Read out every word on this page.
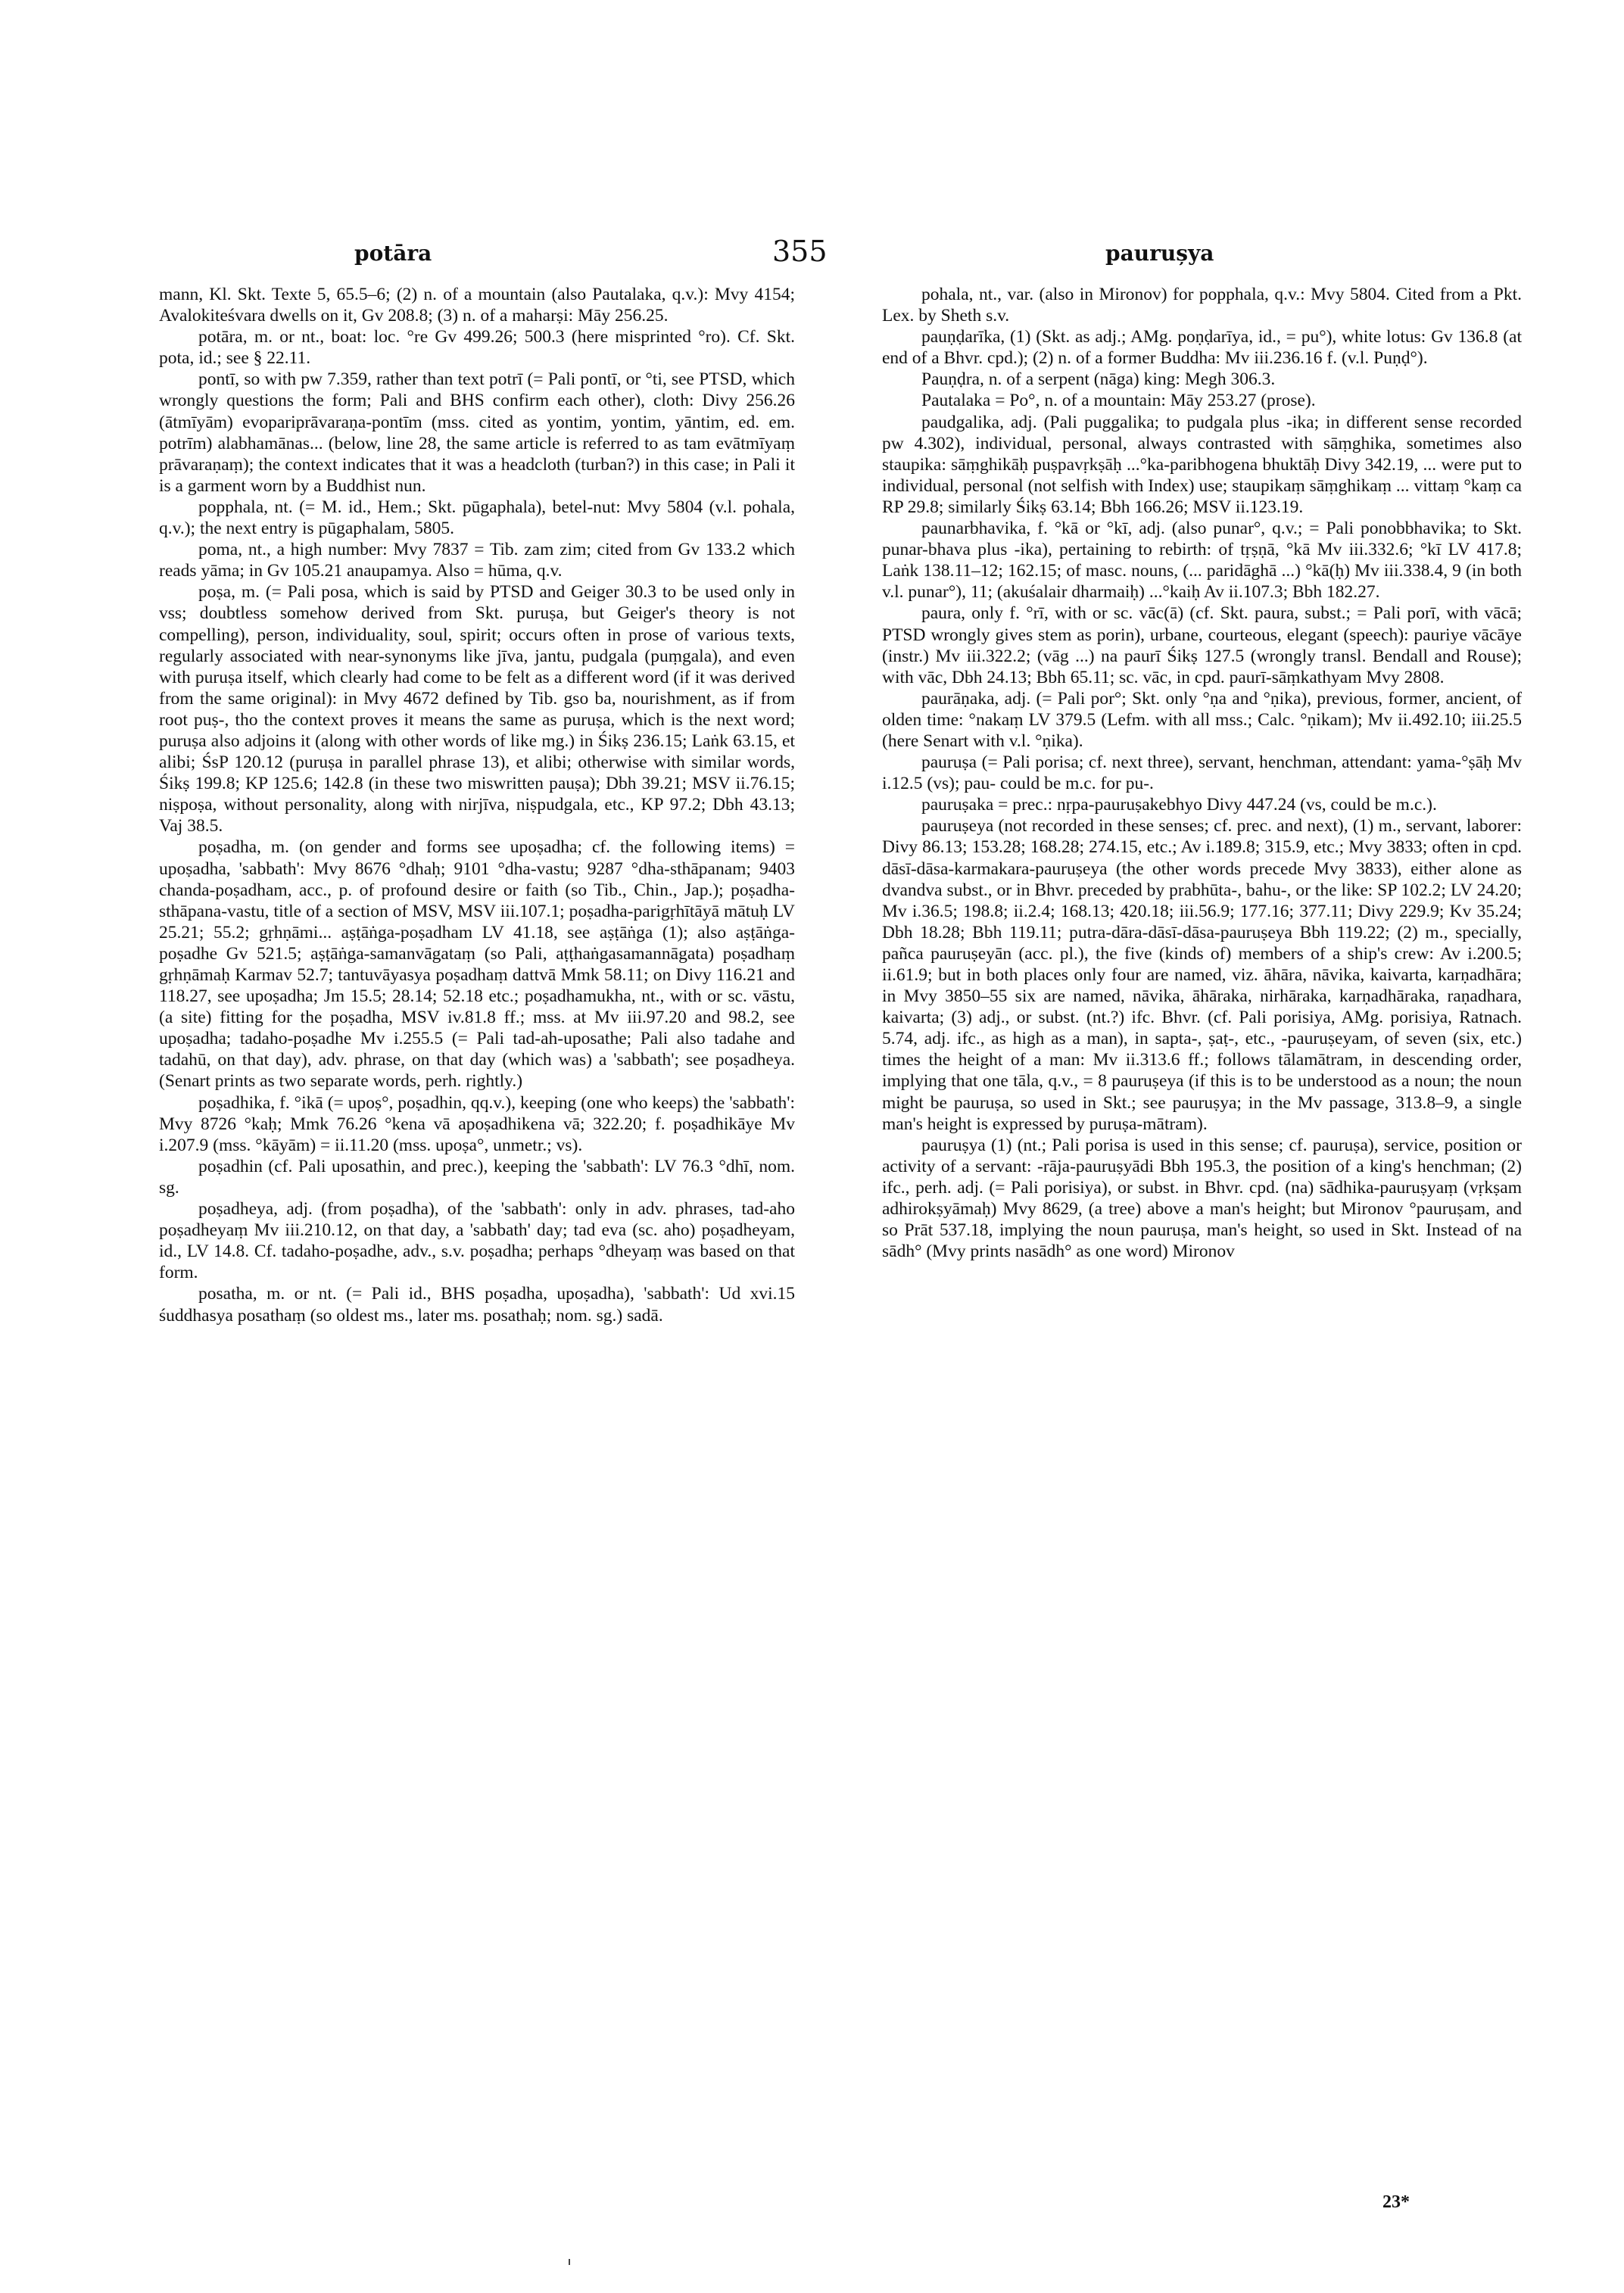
potāra	355	paurușya

mann, Kl. Skt. Texte 5, 65.5–6; (2) n. of a mountain (also Pautalaka, q.v.): Mvy 4154; Avalokiteśvara dwells on it, Gv 208.8; (3) n. of a maharṣi: Māy 256.25.

potāra, m. or nt., boat: loc. °re Gv 499.26; 500.3 (here misprinted °ro). Cf. Skt. pota, id.; see § 22.11.

pontī, so with pw 7.359, rather than text potrī (= Pali pontī, or °ti, see PTSD, which wrongly questions the form; Pali and BHS confirm each other), cloth: Divy 256.26 (ātmīyām) evopariprāvaraṇa-pontīm (mss. cited as yontim, yontim, yāntim, ed. em. potrīm) alabhamānas... (below, line 28, the same article is referred to as tam evātmīyaṃ prāvaraṇaṃ); the context indicates that it was a headcloth (turban?) in this case; in Pali it is a garment worn by a Buddhist nun.

popphala, nt. (= M. id., Hem.; Skt. pūgaphala), betel-nut: Mvy 5804 (v.l. pohala, q.v.); the next entry is pūgaphalam, 5805.

poma, nt., a high number: Mvy 7837 = Tib. zam zim; cited from Gv 133.2 which reads yāma; in Gv 105.21 anaupamya. Also = hūma, q.v.

poṣa, m. (= Pali posa, which is said by PTSD and Geiger 30.3 to be used only in vss; doubtless somehow derived from Skt. puruṣa, but Geiger's theory is not compelling), person, individuality, soul, spirit; occurs often in prose of various texts, regularly associated with near-synonyms like jīva, jantu, pudgala (puṃgala), and even with puruṣa itself, which clearly had come to be felt as a different word (if it was derived from the same original): in Mvy 4672 defined by Tib. gso ba, nourishment, as if from root puṣ-, tho the context proves it means the same as puruṣa, which is the next word; puruṣa also adjoins it (along with other words of like mg.) in Śikṣ 236.15; Laṅk 63.15, et alibi; ŚsP 120.12 (puruṣa in parallel phrase 13), et alibi; otherwise with similar words, Śikṣ 199.8; KP 125.6; 142.8 (in these two miswritten pauṣa); Dbh 39.21; MSV ii.76.15; niṣpoṣa, without personality, along with nirjīva, niṣpudgala, etc., KP 97.2; Dbh 43.13; Vaj 38.5.

poṣadha, m. (on gender and forms see upoṣadha; cf. the following items) = upoṣadha, 'sabbath': Mvy 8676 °dhaḥ; 9101 °dha-vastu; 9287 °dha-sthāpanam; 9403 chanda-poṣadham, acc., p. of profound desire or faith (so Tib., Chin., Jap.); poṣadha-sthāpana-vastu, title of a section of MSV, MSV iii.107.1; poṣadha-parigṛhītāyā mātuḥ LV 25.21; 55.2; gṛhṇāmi... aṣṭāṅga-poṣadham LV 41.18, see aṣṭāṅga (1); also aṣṭāṅga-poṣadhe Gv 521.5; aṣṭāṅga-samanvāgataṃ (so Pali, aṭṭhaṅgasamannāgata) poṣadhaṃ gṛhṇāmaḥ Karmav 52.7; tantuvāyasya poṣadhaṃ dattvā Mmk 58.11; on Divy 116.21 and 118.27, see upoṣadha; Jm 15.5; 28.14; 52.18 etc.; poṣadhamukha, nt., with or sc. vāstu, (a site) fitting for the poṣadha, MSV iv.81.8 ff.; mss. at Mv iii.97.20 and 98.2, see upoṣadha; tadaho-poṣadhe Mv i.255.5 (= Pali tad-ah-uposathe; Pali also tadahe and tadahū, on that day), adv. phrase, on that day (which was) a 'sabbath'; see poṣadheya. (Senart prints as two separate words, perh. rightly.)

poṣadhika, f. °ikā (= upoṣ°, poṣadhin, qq.v.), keeping (one who keeps) the 'sabbath': Mvy 8726 °kaḥ; Mmk 76.26 °kena vā apoṣadhikena vā; 322.20; f. poṣadhikāye Mv i.207.9 (mss. °kāyām) = ii.11.20 (mss. upoṣa°, unmetr.; vs).

poṣadhin (cf. Pali uposathin, and prec.), keeping the 'sabbath': LV 76.3 °dhī, nom. sg.

poṣadheya, adj. (from poṣadha), of the 'sabbath': only in adv. phrases, tad-aho poṣadheyaṃ Mv iii.210.12, on that day, a 'sabbath' day; tad eva (sc. aho) poṣadheyam, id., LV 14.8. Cf. tadaho-poṣadhe, adv., s.v. poṣadha; perhaps °dheyaṃ was based on that form.

posatha, m. or nt. (= Pali id., BHS poṣadha, upoṣadha), 'sabbath': Ud xvi.15 śuddhasya posathaṃ (so oldest ms., later ms. posathaḥ; nom. sg.) sadā.

pohala, nt., var. (also in Mironov) for popphala, q.v.: Mvy 5804. Cited from a Pkt. Lex. by Sheth s.v.

pauṇḍarīka, (1) (Skt. as adj.; AMg. poṇḍarīya, id., = pu°), white lotus: Gv 136.8 (at end of a Bhvr. cpd.); (2) n. of a former Buddha: Mv iii.236.16 f. (v.l. Puṇḍ°).

Pauṇḍra, n. of a serpent (nāga) king: Megh 306.3.

Pautalaka = Po°, n. of a mountain: Māy 253.27 (prose).

paudgalika, adj. (Pali puggalika; to pudgala plus -ika; in different sense recorded pw 4.302), individual, personal, always contrasted with sāṃghika, sometimes also staupika: sāṃghikāḥ puṣpavṛkṣāḥ ...°ka-paribhogena bhuktāḥ Divy 342.19, ... were put to individual, personal (not selfish with Index) use; staupikaṃ sāṃghikaṃ ... vittaṃ °kaṃ ca RP 29.8; similarly Śikṣ 63.14; Bbh 166.26; MSV ii.123.19.

paunarbhavika, f. °kā or °kī, adj. (also punar°, q.v.; = Pali ponobbhavika; to Skt. punar-bhava plus -ika), pertaining to rebirth: of tṛṣṇā, °kā Mv iii.332.6; °kī LV 417.8; Laṅk 138.11–12; 162.15; of masc. nouns, (... paridāghā ...) °kā(ḥ) Mv iii.338.4, 9 (in both v.l. punar°), 11; (akuśalair dharmaiḥ) ...°kaiḥ Av ii.107.3; Bbh 182.27.

paura, only f. °rī, with or sc. vāc(ā) (cf. Skt. paura, subst.; = Pali porī, with vācā; PTSD wrongly gives stem as porin), urbane, courteous, elegant (speech): pauriye vācāye (instr.) Mv iii.322.2; (vāg ...) na paurī Śikṣ 127.5 (wrongly transl. Bendall and Rouse); with vāc, Dbh 24.13; Bbh 65.11; sc. vāc, in cpd. paurī-sāṃkathyam Mvy 2808.

paurāṇaka, adj. (= Pali por°; Skt. only °ṇa and °ṇika), previous, former, ancient, of olden time: °nakaṃ LV 379.5 (Lefm. with all mss.; Calc. °ṇikam); Mv ii.492.10; iii.25.5 (here Senart with v.l. °ṇika).

pauruṣa (= Pali porisa; cf. next three), servant, henchman, attendant: yama-°ṣāḥ Mv i.12.5 (vs); pau- could be m.c. for pu-.

pauruṣaka = prec.: nṛpa-pauruṣakebhyo Divy 447.24 (vs, could be m.c.).

pauruṣeya (not recorded in these senses; cf. prec. and next), (1) m., servant, laborer: Divy 86.13; 153.28; 168.28; 274.15, etc.; Av i.189.8; 315.9, etc.; Mvy 3833; often in cpd. dāsī-dāsa-karmakara-pauruṣeya (the other words precede Mvy 3833), either alone as dvandva subst., or in Bhvr. preceded by prabhūta-, bahu-, or the like: SP 102.2; LV 24.20; Mv i.36.5; 198.8; ii.2.4; 168.13; 420.18; iii.56.9; 177.16; 377.11; Divy 229.9; Kv 35.24; Dbh 18.28; Bbh 119.11; putra-dāra-dāsī-dāsa-pauruṣeya Bbh 119.22; (2) m., specially, pañca pauruṣeyān (acc. pl.), the five (kinds of) members of a ship's crew: Av i.200.5; ii.61.9; but in both places only four are named, viz. āhāra, nāvika, kaivarta, karṇadhāra; in Mvy 3850–55 six are named, nāvika, āhāraka, nirhāraka, karṇadhāraka, raṇadhara, kaivarta; (3) adj., or subst. (nt.?) ifc. Bhvr. (cf. Pali porisiya, AMg. porisiya, Ratnach. 5.74, adj. ifc., as high as a man), in sapta-, ṣaṭ-, etc., -pauruṣeyam, of seven (six, etc.) times the height of a man: Mv ii.313.6 ff.; follows tālamātram, in descending order, implying that one tāla, q.v., = 8 pauruṣeya (if this is to be understood as a noun; the noun might be pauruṣa, so used in Skt.; see pauruṣya; in the Mv passage, 313.8–9, a single man's height is expressed by puruṣa-mātram).

pauruṣya (1) (nt.; Pali porisa is used in this sense; cf. pauruṣa), service, position or activity of a servant: -rāja-pauruṣyādi Bbh 195.3, the position of a king's henchman; (2) ifc., perh. adj. (= Pali porisiya), or subst. in Bhvr. cpd. (na) sādhika-pauruṣyaṃ (vṛkṣam adhirokṣyāmaḥ) Mvy 8629, (a tree) above a man's height; but Mironov °pauruṣam, and so Prāt 537.18, implying the noun pauruṣa, man's height, so used in Skt. Instead of na sādh° (Mvy prints nasādh° as one word) Mironov

23*
